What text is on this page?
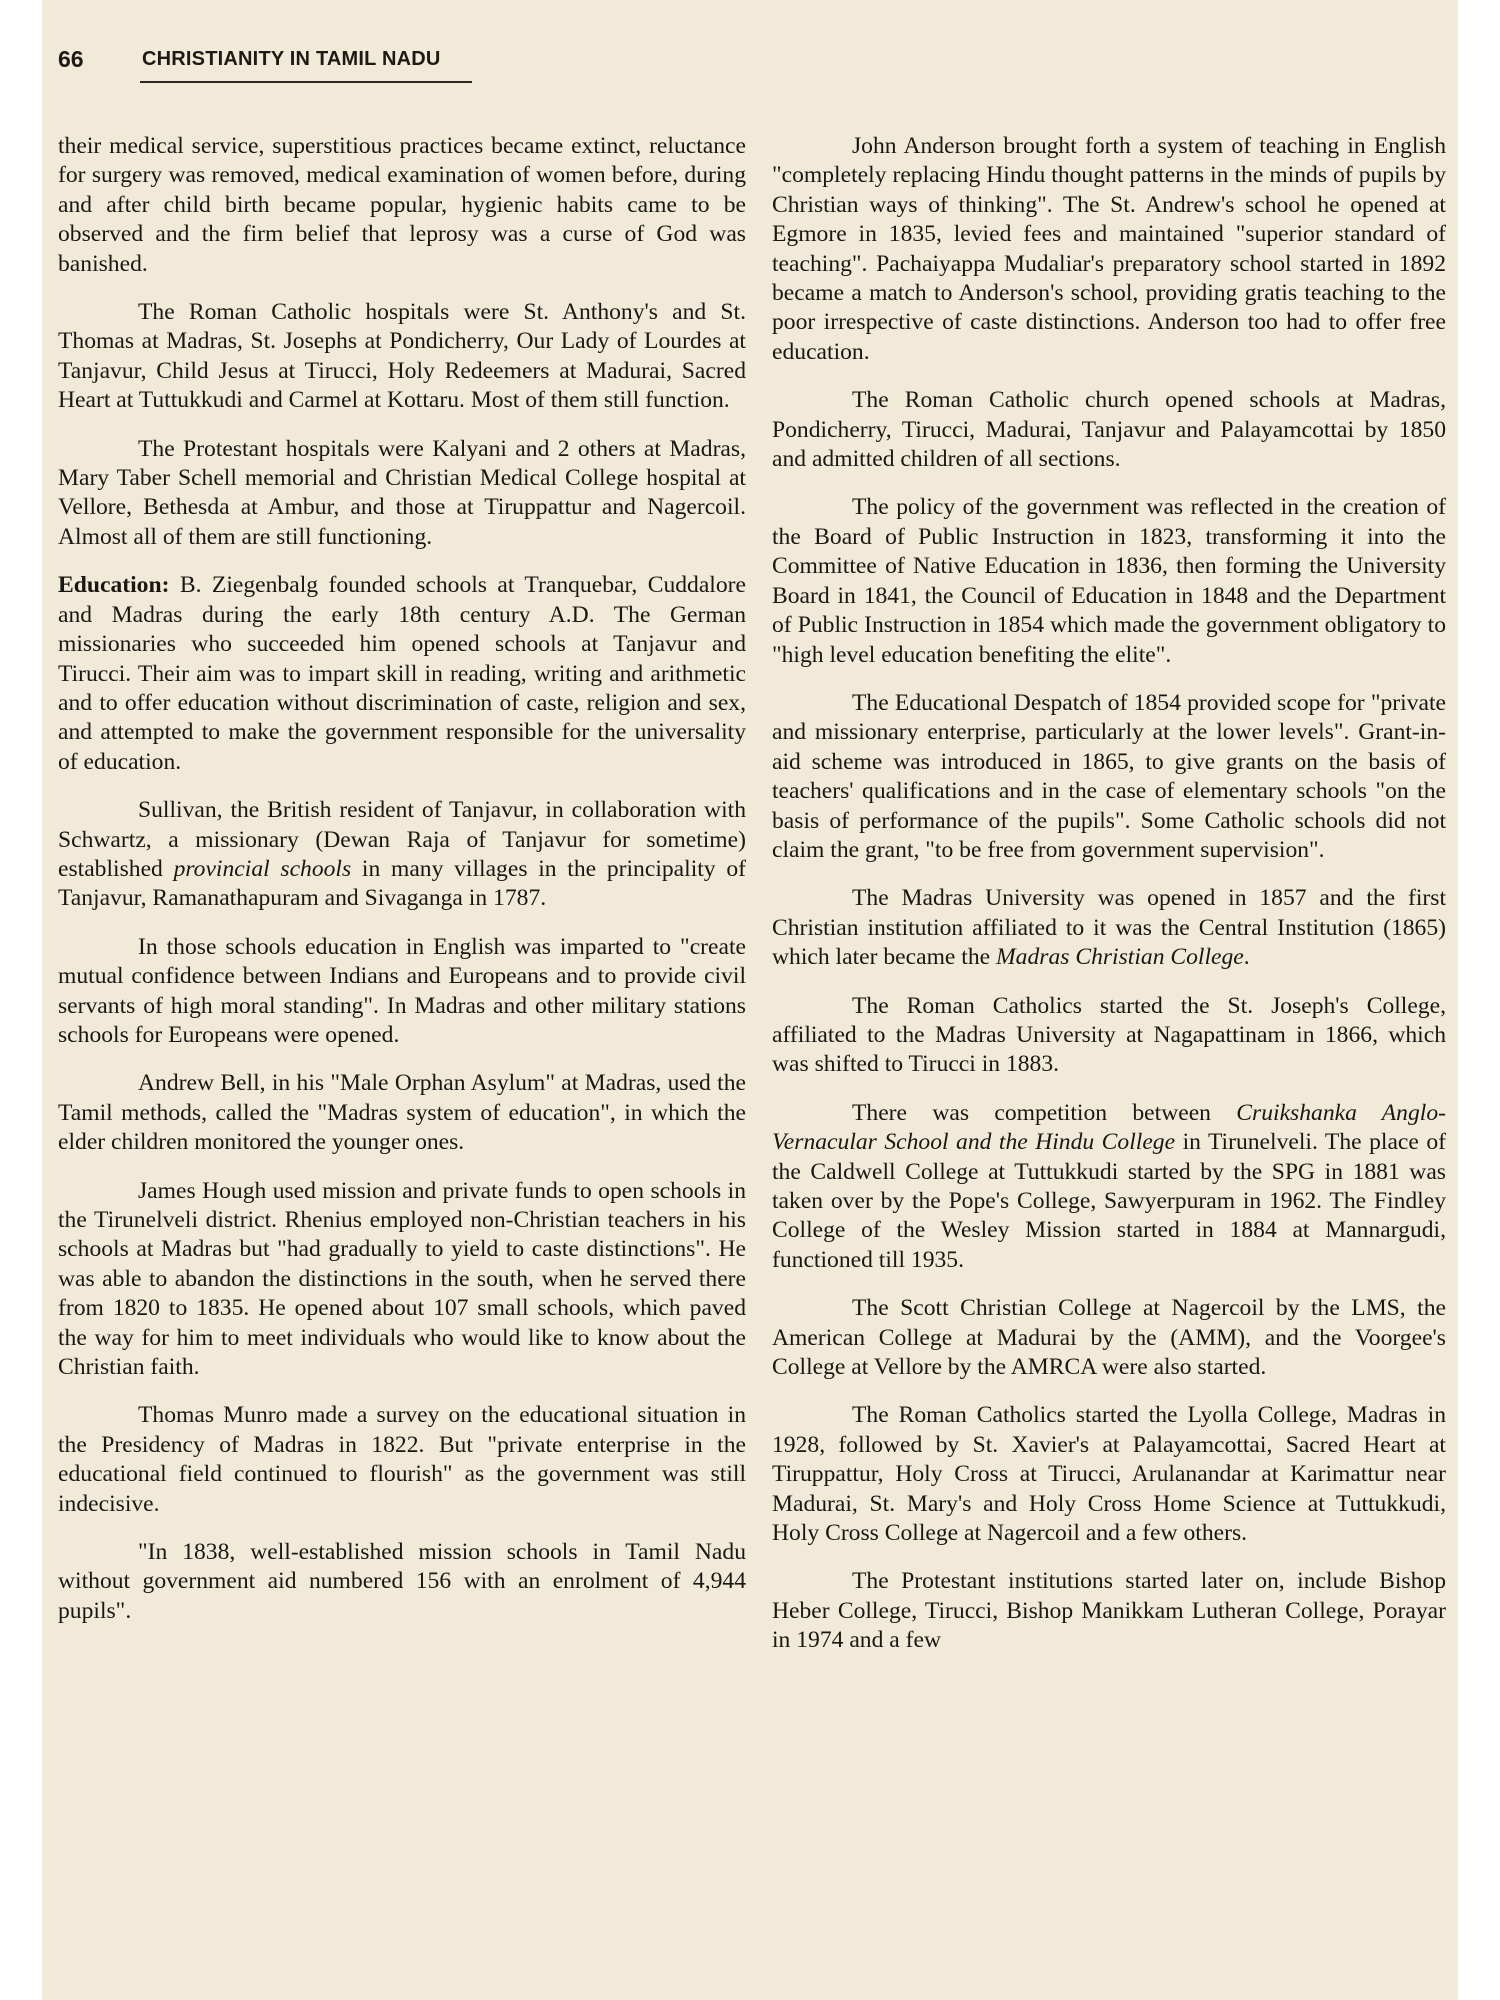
66	CHRISTIANITY IN TAMIL NADU

their medical service, superstitious practices became extinct, reluctance for surgery was removed, medical examination of women before, during and after child birth became popular, hygienic habits came to be observed and the firm belief that leprosy was a curse of God was banished.

The Roman Catholic hospitals were St. Anthony's and St. Thomas at Madras, St. Josephs at Pondicherry, Our Lady of Lourdes at Tanjavur, Child Jesus at Tirucci, Holy Redeemers at Madurai, Sacred Heart at Tuttukkudi and Carmel at Kottaru. Most of them still function.

The Protestant hospitals were Kalyani and 2 others at Madras, Mary Taber Schell memorial and Christian Medical College hospital at Vellore, Bethesda at Ambur, and those at Tiruppattur and Nagercoil. Almost all of them are still functioning.

Education: B. Ziegenbalg founded schools at Tranquebar, Cuddalore and Madras during the early 18th century A.D. The German missionaries who succeeded him opened schools at Tanjavur and Tirucci. Their aim was to impart skill in reading, writing and arithmetic and to offer education without discrimination of caste, religion and sex, and attempted to make the government responsible for the universality of education.

Sullivan, the British resident of Tanjavur, in collaboration with Schwartz, a missionary (Dewan Raja of Tanjavur for sometime) established provincial schools in many villages in the principality of Tanjavur, Ramanathapuram and Sivaganga in 1787.

In those schools education in English was imparted to "create mutual confidence between Indians and Europeans and to provide civil servants of high moral standing". In Madras and other military stations schools for Europeans were opened.

Andrew Bell, in his "Male Orphan Asylum" at Madras, used the Tamil methods, called the "Madras system of education", in which the elder children monitored the younger ones.

James Hough used mission and private funds to open schools in the Tirunelveli district. Rhenius employed non-Christian teachers in his schools at Madras but "had gradually to yield to caste distinctions". He was able to abandon the distinctions in the south, when he served there from 1820 to 1835. He opened about 107 small schools, which paved the way for him to meet individuals who would like to know about the Christian faith.

Thomas Munro made a survey on the educational situation in the Presidency of Madras in 1822. But "private enterprise in the educational field continued to flourish" as the government was still indecisive.

"In 1838, well-established mission schools in Tamil Nadu without government aid numbered 156 with an enrolment of 4,944 pupils".

John Anderson brought forth a system of teaching in English "completely replacing Hindu thought patterns in the minds of pupils by Christian ways of thinking". The St. Andrew's school he opened at Egmore in 1835, levied fees and maintained "superior standard of teaching". Pachaiyappa Mudaliar's preparatory school started in 1892 became a match to Anderson's school, providing gratis teaching to the poor irrespective of caste distinctions. Anderson too had to offer free education.

The Roman Catholic church opened schools at Madras, Pondicherry, Tirucci, Madurai, Tanjavur and Palayamcottai by 1850 and admitted children of all sections.

The policy of the government was reflected in the creation of the Board of Public Instruction in 1823, transforming it into the Committee of Native Education in 1836, then forming the University Board in 1841, the Council of Education in 1848 and the Department of Public Instruction in 1854 which made the government obligatory to "high level education benefiting the elite".

The Educational Despatch of 1854 provided scope for "private and missionary enterprise, particularly at the lower levels". Grant-in-aid scheme was introduced in 1865, to give grants on the basis of teachers' qualifications and in the case of elementary schools "on the basis of performance of the pupils". Some Catholic schools did not claim the grant, "to be free from government supervision".

The Madras University was opened in 1857 and the first Christian institution affiliated to it was the Central Institution (1865) which later became the Madras Christian College.

The Roman Catholics started the St. Joseph's College, affiliated to the Madras University at Nagapattinam in 1866, which was shifted to Tirucci in 1883.

There was competition between Cruikshanka Anglo-Vernacular School and the Hindu College in Tirunelveli. The place of the Caldwell College at Tuttukkudi started by the SPG in 1881 was taken over by the Pope's College, Sawyerpuram in 1962. The Findley College of the Wesley Mission started in 1884 at Mannargudi, functioned till 1935.

The Scott Christian College at Nagercoil by the LMS, the American College at Madurai by the (AMM), and the Voorgee's College at Vellore by the AMRCA were also started.

The Roman Catholics started the Lyolla College, Madras in 1928, followed by St. Xavier's at Palayamcottai, Sacred Heart at Tiruppattur, Holy Cross at Tirucci, Arulanandar at Karimattur near Madurai, St. Mary's and Holy Cross Home Science at Tuttukkudi, Holy Cross College at Nagercoil and a few others.

The Protestant institutions started later on, include Bishop Heber College, Tirucci, Bishop Manikkam Lutheran College, Porayar in 1974 and a few
